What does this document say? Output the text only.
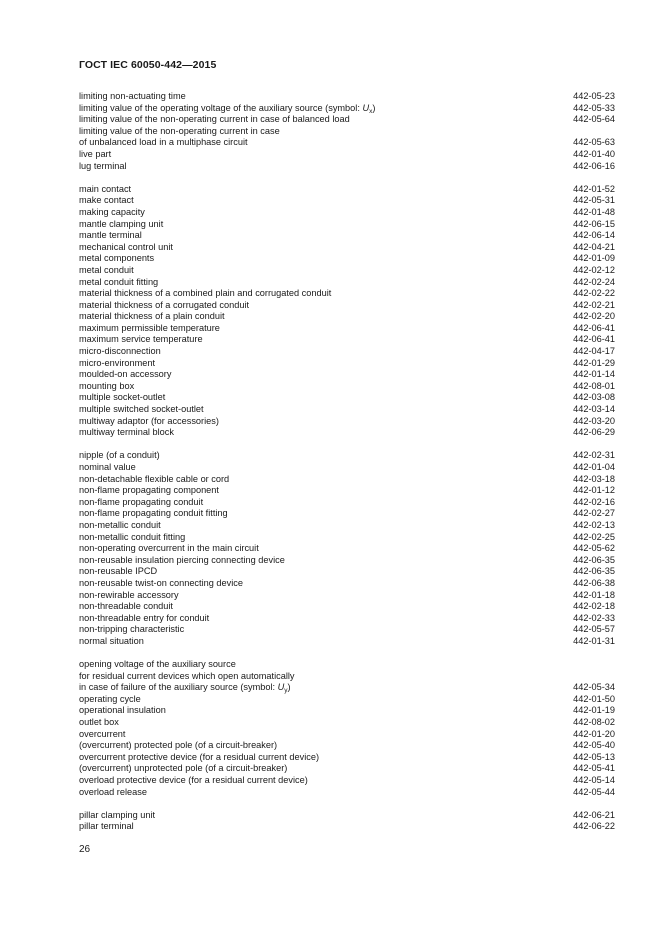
ГОСТ IEC 60050-442—2015
limiting non-actuating time	442-05-23
limiting value of the operating voltage of the auxiliary source (symbol: $U_x$)	442-05-33
limiting value of the non-operating current in case of balanced load	442-05-64
limiting value of the non-operating current in case
of unbalanced load in a multiphase circuit	442-05-63
live part	442-01-40
lug terminal	442-06-16
main contact	442-01-52
make contact	442-05-31
making capacity	442-01-48
mantle clamping unit	442-06-15
mantle terminal	442-06-14
mechanical control unit	442-04-21
metal components	442-01-09
metal conduit	442-02-12
metal conduit fitting	442-02-24
material thickness of a combined plain and corrugated conduit	442-02-22
material thickness of a corrugated conduit	442-02-21
material thickness of a plain conduit	442-02-20
maximum permissible temperature	442-06-41
maximum service temperature	442-06-41
micro-disconnection	442-04-17
micro-environment	442-01-29
moulded-on accessory	442-01-14
mounting box	442-08-01
multiple socket-outlet	442-03-08
multiple switched socket-outlet	442-03-14
multiway adaptor (for accessories)	442-03-20
multiway terminal block	442-06-29
nipple (of a conduit)	442-02-31
nominal value	442-01-04
non-detachable flexible cable or cord	442-03-18
non-flame propagating component	442-01-12
non-flame propagating conduit	442-02-16
non-flame propagating conduit fitting	442-02-27
non-metallic conduit	442-02-13
non-metallic conduit fitting	442-02-25
non-operating overcurrent in the main circuit	442-05-62
non-reusable insulation piercing connecting device	442-06-35
non-reusable IPCD	442-06-35
non-reusable twist-on connecting device	442-06-38
non-rewirable accessory	442-01-18
non-threadable conduit	442-02-18
non-threadable entry for conduit	442-02-33
non-tripping characteristic	442-05-57
normal situation	442-01-31
opening voltage of the auxiliary source
for residual current devices which open automatically
in case of failure of the auxiliary source (symbol: $U_y$)	442-05-34
operating cycle	442-01-50
operational insulation	442-01-19
outlet box	442-08-02
overcurrent	442-01-20
(overcurrent) protected pole (of a circuit-breaker)	442-05-40
overcurrent protective device (for a residual current device)	442-05-13
(overcurrent) unprotected pole (of a circuit-breaker)	442-05-41
overload protective device (for a residual current device)	442-05-14
overload release	442-05-44
pillar clamping unit	442-06-21
pillar terminal	442-06-22
26
